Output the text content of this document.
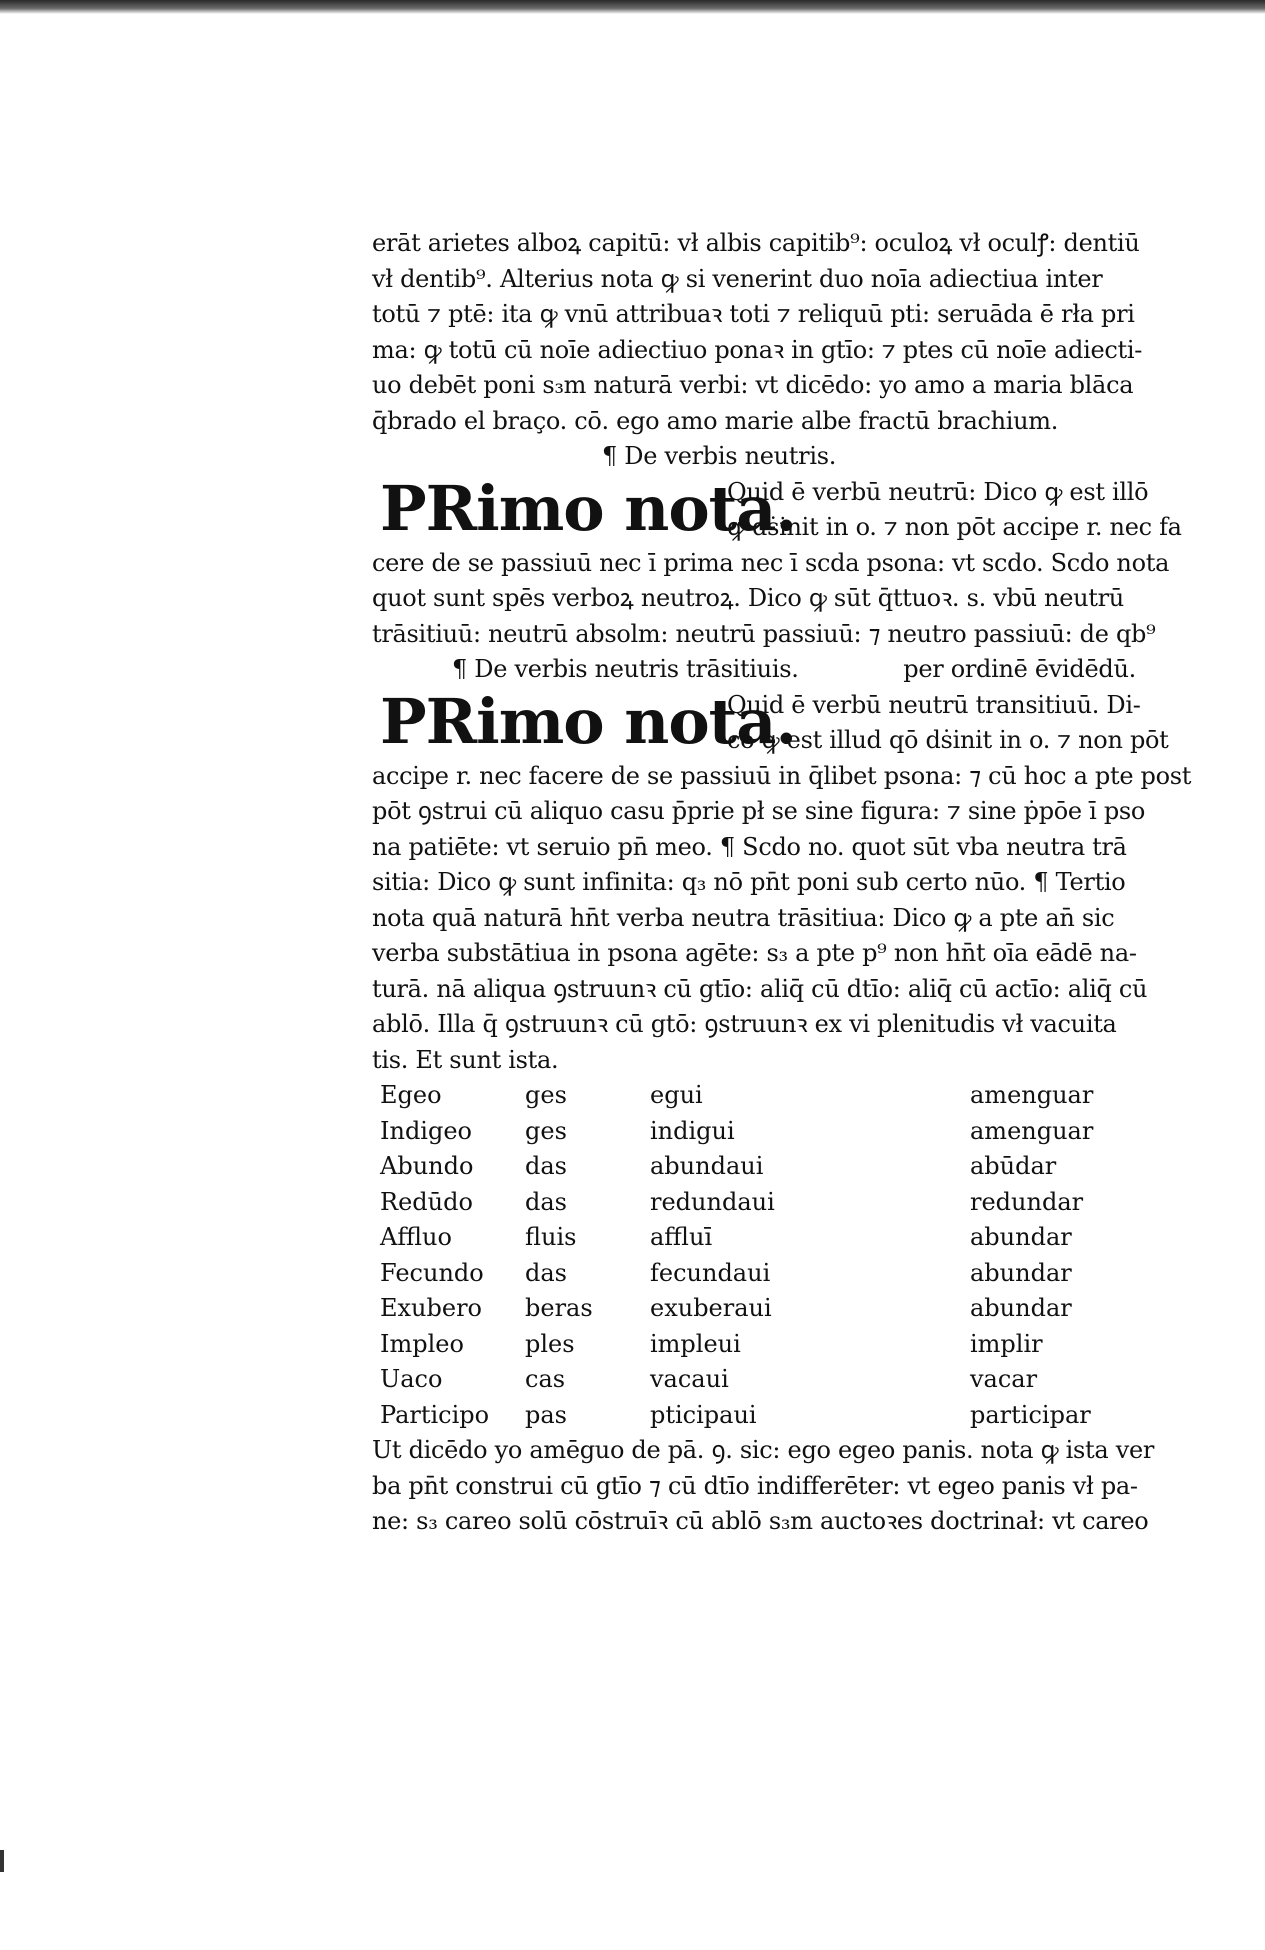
erāt arietes alboꝝ capitū: vł albis capitib⁹: oculoꝝ vł oculꝭ: dentiū
vł dentib⁹. Alterius nota ꝙ si venerint duo noīa adiectiua inter
totū ⁊ ptē: ita ꝙ vnū attribuaꝛ toti ⁊ reliquū pti: seruāda ē rła pri
ma: ꝙ totū cū noīe adiectiuo ponaꝛ in gtīo: ⁊ ptes cū noīe adiecti-
uo debēt poni s₃m naturā verbi: vt dicēdo: yo amo a maria blāca
q̄brado el braço. cō. ego amo marie albe fractū brachium.
¶ De verbis neutris.
PRimo nota.
Quid ē verbū neutrū: Dico ꝙ est illō
ꝙ dṡinit in o. ⁊ non pōt accipe r. nec fa
cere de se passiuū nec ī prima nec ī scda psona: vt scdo. Scdo nota
quot sunt spēs verboꝝ neutroꝝ. Dico ꝙ sūt q̄ttuoꝛ. s. vbū neutrū
trāsitiuū: neutrū absolm: neutrū passiuū: ⁊ neutro passiuū: de qb⁹
¶ De verbis neutris trāsitiuis.	per ordinē ēvidēdū.
PRimo nota.
Quid ē verbū neutrū transitiuū. Di-
co ꝙ est illud qō dṡinit in o. ⁊ non pōt
accipe r. nec facere de se passiuū in q̄libet psona: ⁊ cū hoc a pte post
pōt ꝯstrui cū aliquo casu p̄prie pł se sine figura: ⁊ sine ṗpōe ī pso
na patiēte: vt seruio pn̄ meo. ¶ Scdo no. quot sūt vba neutra trā
sitia: Dico ꝙ sunt infinita: q₃ nō pn̄t poni sub certo nūo. ¶ Tertio
nota quā naturā hn̄t verba neutra trāsitiua: Dico ꝙ a pte an̄ sic
verba substātiua in psona agēte: s₃ a pte p⁹ non hn̄t oīa eādē na-
turā. nā aliqua ꝯstruunꝛ cū gtīo: aliq̄ cū dtīo: aliq̄ cū actīo: aliq̄ cū
ablō. Illa q̄ ꝯstruunꝛ cū gtō: ꝯstruunꝛ ex vi plenitudis vł vacuita
tis. Et sunt ista.
Egeo	ges	egui	amenguar
Indigeo	ges	indigui	amenguar
Abundo	das	abundaui	abūdar
Redūdo	das	redundaui	redundar
Affluo	fluis	affluī	abundar
Fecundo	das	fecundaui	abundar
Exubero	beras	exuberaui	abundar
Impleo	ples	impleui	implir
Uaco	cas	vacaui	vacar
Participo	pas	pticipaui	participar
Ut dicēdo yo amēguo de pā. ꝯ. sic: ego egeo panis. nota ꝙ ista ver
ba pn̄t construi cū gtīo ⁊ cū dtīo indifferēter: vt egeo panis vł pa-
ne: s₃ careo solū cōstruīꝛ cū ablō s₃m auctoꝛes doctrinał: vt careo
